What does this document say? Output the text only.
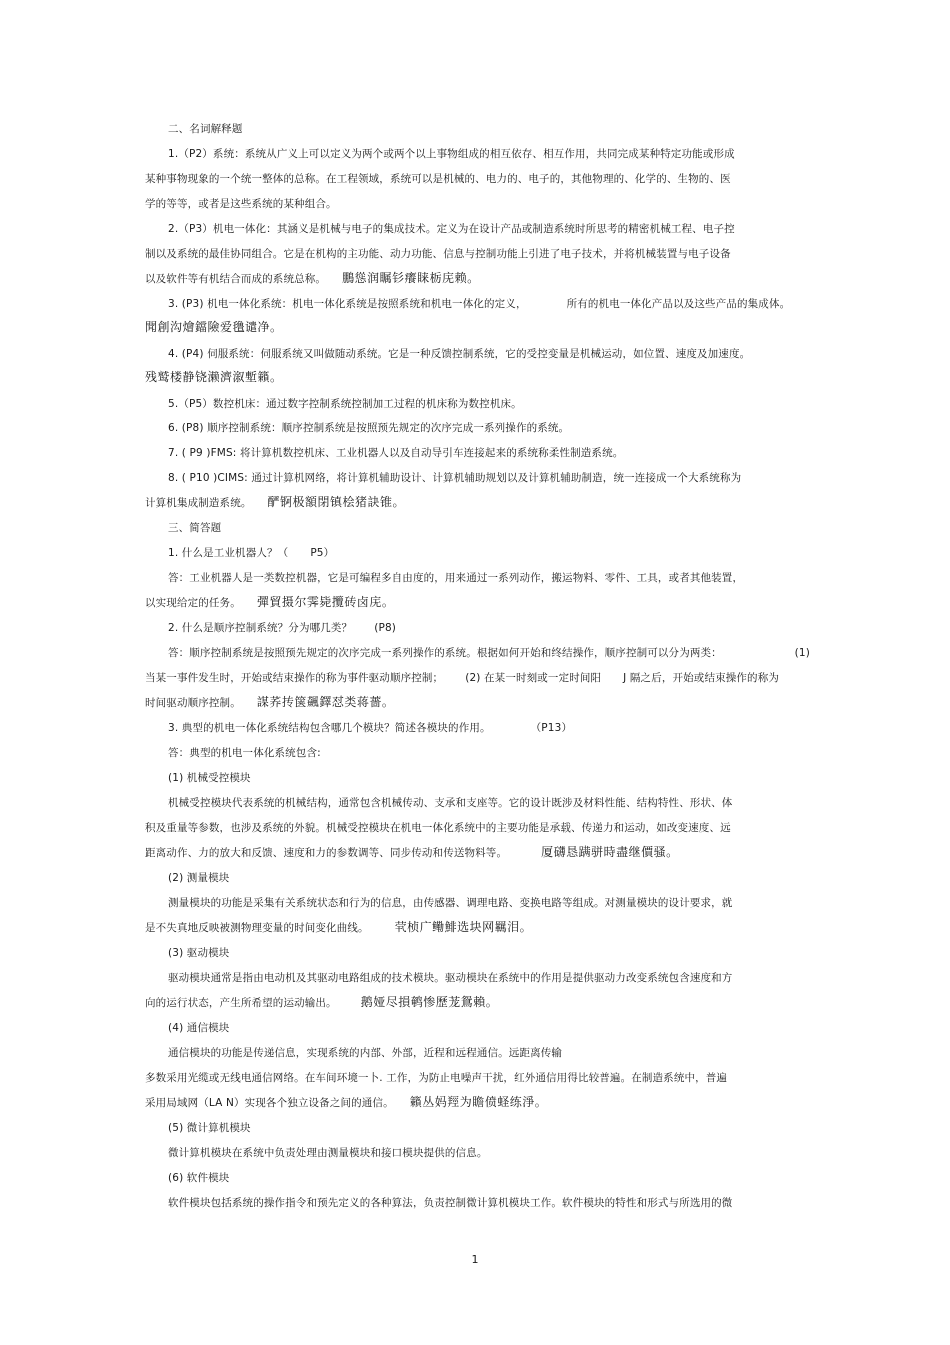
二、名词解释题
1.（P2）系统：系统从广义上可以定义为两个或两个以上事物组成的相互依存、相互作用，共同完成某种特定功能或形成
某种事物现象的一个统一整体的总称。在工程领域，系统可以是机械的、电力的、电子的，其他物理的、化学的、生物的、医
学的等等，或者是这些系统的某种组合。
2.（P3）机电一体化：其涵义是机械与电子的集成技术。定义为在设计产品或制造系统时所思考的精密机械工程、电子控
制以及系统的最佳协同组合。它是在机构的主功能、动力功能、信息与控制功能上引进了电子技术，并将机械装置与电子设备
以及软件等有机结合而成的系统总称。 鵬慫润瞩钐癢睐栃庑赖。
3. (P3) 机电一体化系统：机电一体化系统是按照系统和机电一体化的定义，	所有的机电一体化产品以及这些产品的集成体。
聞創沟燴鐺險爱氇谴净。
4. (P4) 伺服系统：伺服系统又叫做随动系统。它是一种反馈控制系统，它的受控变量是机械运动，如位置、速度及加速度。
残鹫楼静铙濑濟溆塹籟。
5.（P5）数控机床：通过数字控制系统控制加工过程的机床称为数控机床。
6. (P8) 顺序控制系统：顺序控制系统是按照预先规定的次序完成一系列操作的系统。
7. ( P9 )FMS: 将计算机数控机床、工业机器人以及自动导引车连接起来的系统称柔性制造系统。
8. ( P10 )CIMS: 通过计算机网络，将计算机辅助设计、计算机辅助规划以及计算机辅助制造，统一连接成一个大系统称为
计算机集成制造系统。 酽锕极額閉镇桧猪訣锥。
三、简答题
1. 什么是工业机器人？（ P5）
答：工业机器人是一类数控机器，它是可编程多自由度的，用来通过一系列动作，搬运物料、零件、工具，或者其他装置，
以实现给定的任务。 彈貿摄尔霁毙攬砖卤庑。
2. 什么是顺序控制系统？分为哪几类？ (P8)
答：顺序控制系统是按照预先规定的次序完成一系列操作的系统。根据如何开始和终结操作，顺序控制可以分为两类：	(1)
当某一事件发生时，开始或结束操作的称为事件驱动顺序控制； (2) 在某一时刻或一定时间阳 J 隔之后，开始或结束操作的称为
时间驱动顺序控制。 謀荞抟箧飆鐸怼类蒋薔。
3. 典型的机电一体化系统结构包含哪几个模块？简述各模块的作用。	（P13）
答：典型的机电一体化系统包含:
(1) 机械受控模块
机械受控模块代表系统的机械结构，通常包含机械传动、支承和支座等。它的设计既涉及材料性能、结构特性、形状、体
积及重量等参数，也涉及系统的外貌。机械受控模块在机电一体化系统中的主要功能是承载、传递力和运动，如改变速度、远
距离动作、力的放大和反馈、速度和力的参数调等、同步传动和传送物料等。	厦礴恳蹒骈時盡继價骚。
(2) 测量模块
测量模块的功能是采集有关系统状态和行为的信息，由传感器、调理电路、变换电路等组成。对测量模块的设计要求，就
是不失真地反映被测物理变量的时间变化曲线。 茕桢广鳓鯡选块网羈泪。
(3) 驱动模块
驱动模块通常是指由电动机及其驱动电路组成的技术模块。驱动模块在系统中的作用是提供驱动力改变系统包含速度和方
向的运行状态，产生所希望的运动输出。 鹅娅尽損鹌惨歷茏鴛賴。
(4) 通信模块
通信模块的功能是传递信息，实现系统的内部、外部，近程和远程通信。远距离传输
多数采用光缆或无线电通信网络。在车间环境一卜. 工作，为防止电噪声干扰，红外通信用得比较普遍。在制造系统中，普遍
采用局域网（LA N）实现各个独立设备之间的通信。 籟丛妈羥为瞻偾蛏练淨。
(5) 微计算机模块
微计算机模块在系统中负责处理由测量模块和接口模块提供的信息。
(6) 软件模块
软件模块包括系统的操作指令和预先定义的各种算法，负责控制微计算机模块工作。软件模块的特性和形式与所选用的微
1
